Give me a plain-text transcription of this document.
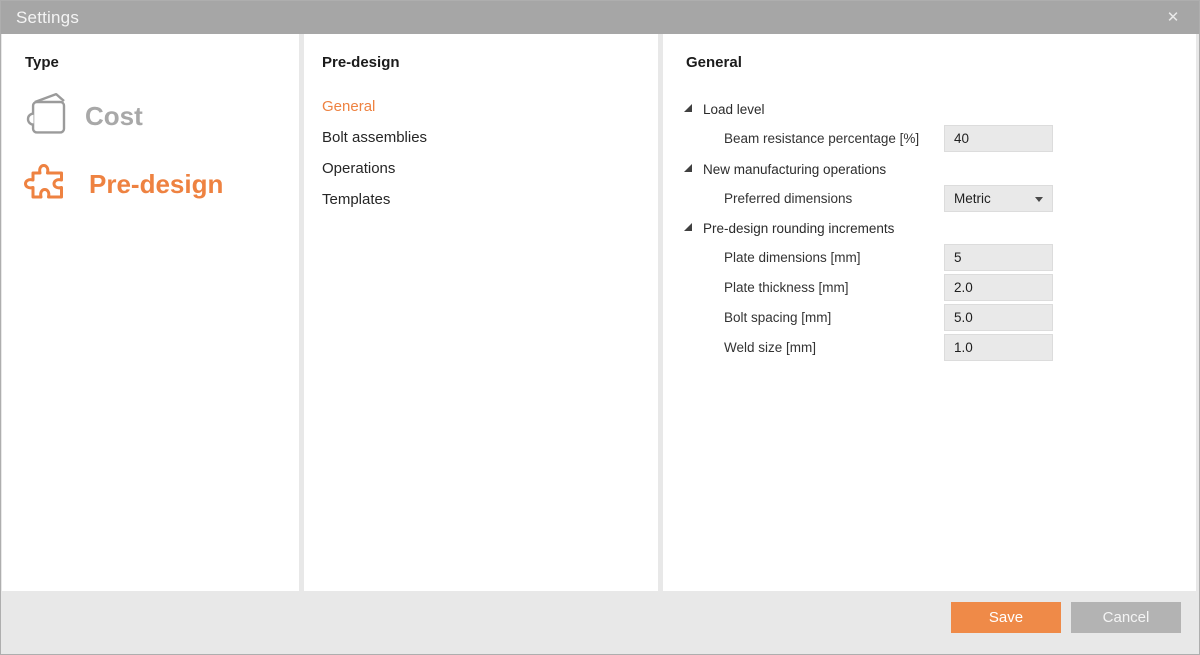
Settings	✕
Type
Cost
Pre-design
Pre-design
General
Bolt assemblies
Operations
Templates
General
Load level
Beam resistance percentage [%]
40
New manufacturing operations
Preferred dimensions	Metric
Pre-design rounding increments
Plate dimensions [mm]
5
Plate thickness [mm]
2.0
Bolt spacing [mm]
5.0
Weld size [mm]
1.0
Save	Cancel
